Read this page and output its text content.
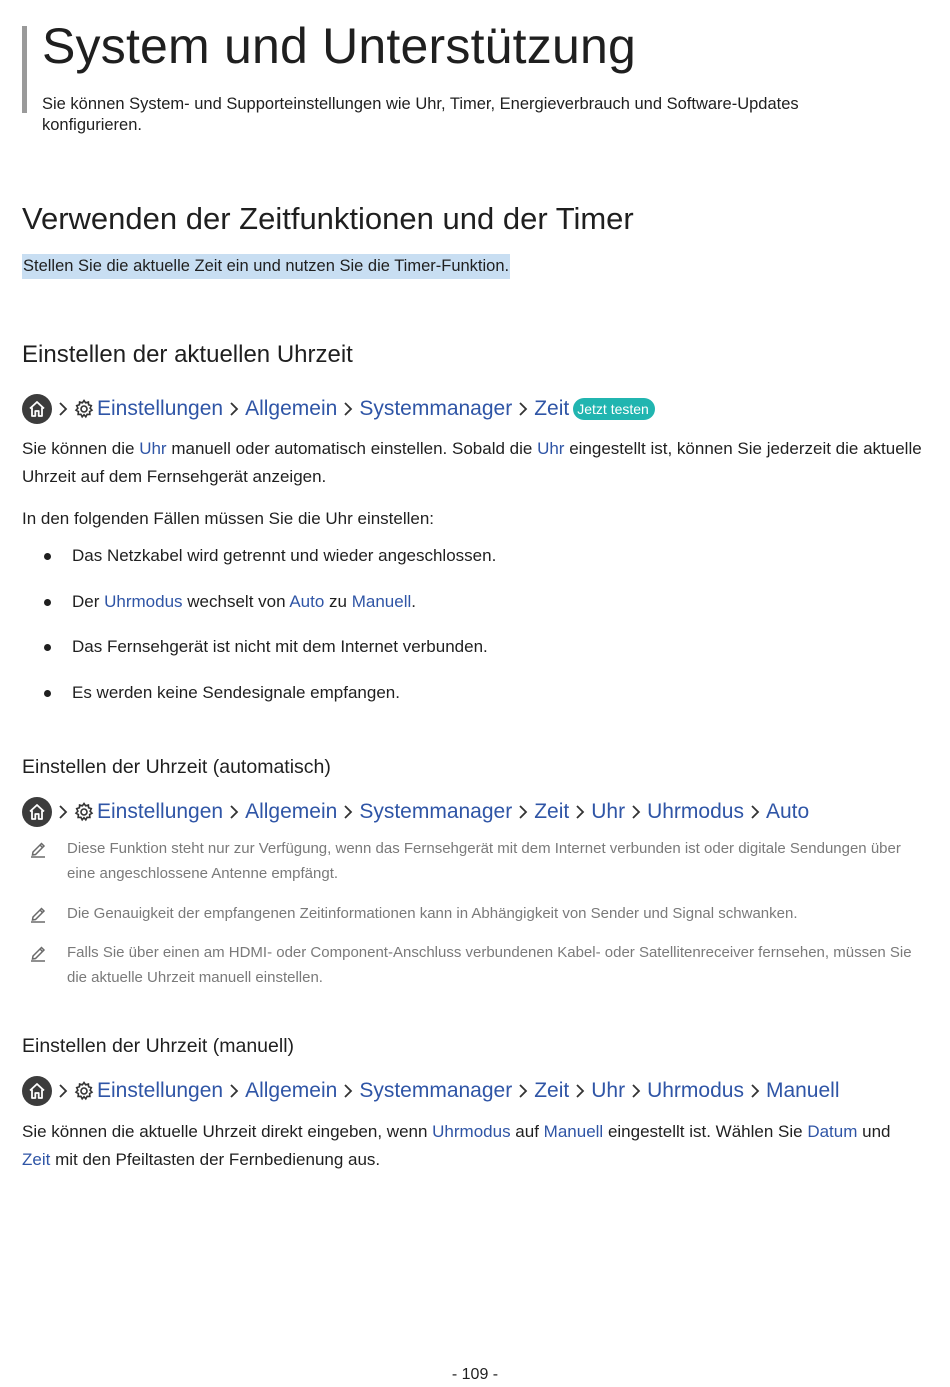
System und Unterstützung
Sie können System- und Supporteinstellungen wie Uhr, Timer, Energieverbrauch und Software-Updates konfigurieren.
Verwenden der Zeitfunktionen und der Timer
Stellen Sie die aktuelle Zeit ein und nutzen Sie die Timer-Funktion.
Einstellen der aktuellen Uhrzeit
Einstellungen Allgemein Systemmanager Zeit Jetzt testen
Sie können die Uhr manuell oder automatisch einstellen. Sobald die Uhr eingestellt ist, können Sie jederzeit die aktuelle Uhrzeit auf dem Fernsehgerät anzeigen.
In den folgenden Fällen müssen Sie die Uhr einstellen:
Das Netzkabel wird getrennt und wieder angeschlossen.
Der Uhrmodus wechselt von Auto zu Manuell.
Das Fernsehgerät ist nicht mit dem Internet verbunden.
Es werden keine Sendesignale empfangen.
Einstellen der Uhrzeit (automatisch)
Einstellungen Allgemein Systemmanager Zeit Uhr Uhrmodus Auto
Diese Funktion steht nur zur Verfügung, wenn das Fernsehgerät mit dem Internet verbunden ist oder digitale Sendungen über eine angeschlossene Antenne empfängt.
Die Genauigkeit der empfangenen Zeitinformationen kann in Abhängigkeit von Sender und Signal schwanken.
Falls Sie über einen am HDMI- oder Component-Anschluss verbundenen Kabel- oder Satellitenreceiver fernsehen, müssen Sie die aktuelle Uhrzeit manuell einstellen.
Einstellen der Uhrzeit (manuell)
Einstellungen Allgemein Systemmanager Zeit Uhr Uhrmodus Manuell
Sie können die aktuelle Uhrzeit direkt eingeben, wenn Uhrmodus auf Manuell eingestellt ist. Wählen Sie Datum und Zeit mit den Pfeiltasten der Fernbedienung aus.
- 109 -
